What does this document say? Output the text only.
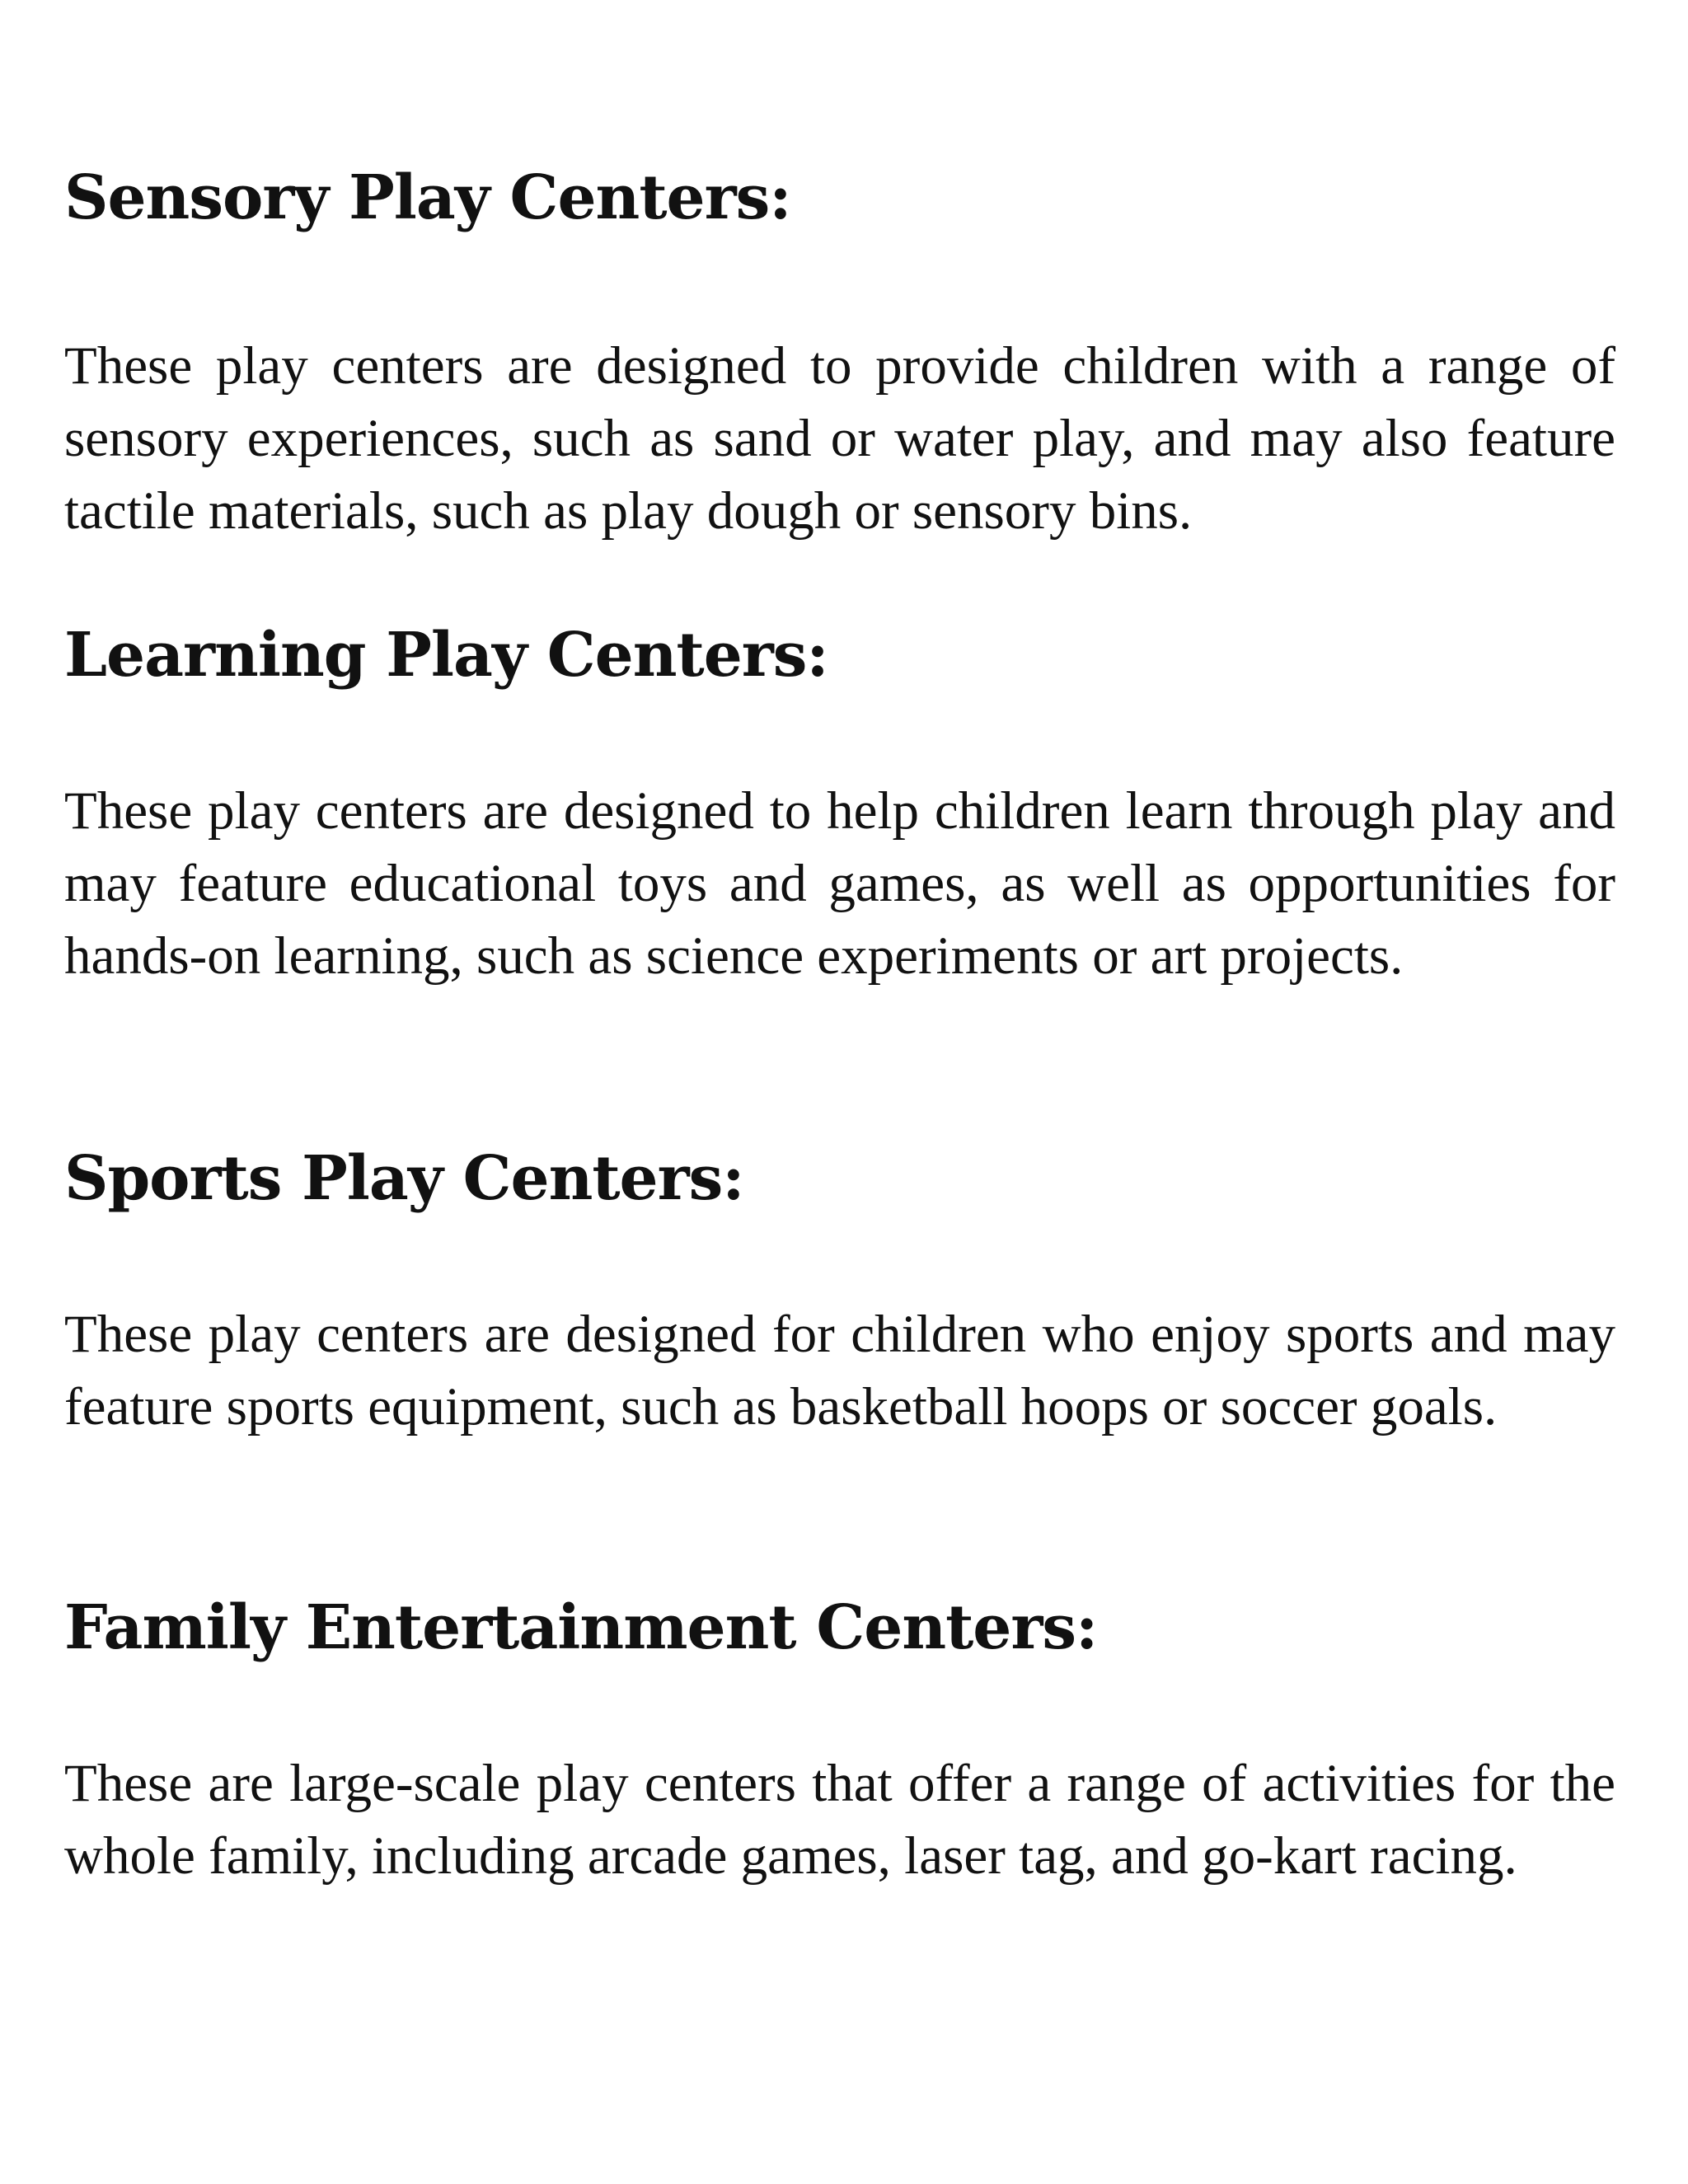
Sensory Play Centers:

These play centers are designed to provide children with a range of sensory experiences, such as sand or water play, and may also feature tactile materials, such as play dough or sensory bins.

Learning Play Centers:

These play centers are designed to help children learn through play and may feature educational toys and games, as well as opportunities for hands-on learning, such as science experiments or art projects.

Sports Play Centers:

These play centers are designed for children who enjoy sports and may feature sports equipment, such as basketball hoops or soccer goals.

Family Entertainment Centers:

These are large-scale play centers that offer a range of activities for the whole family, including arcade games, laser tag, and go-kart racing.
